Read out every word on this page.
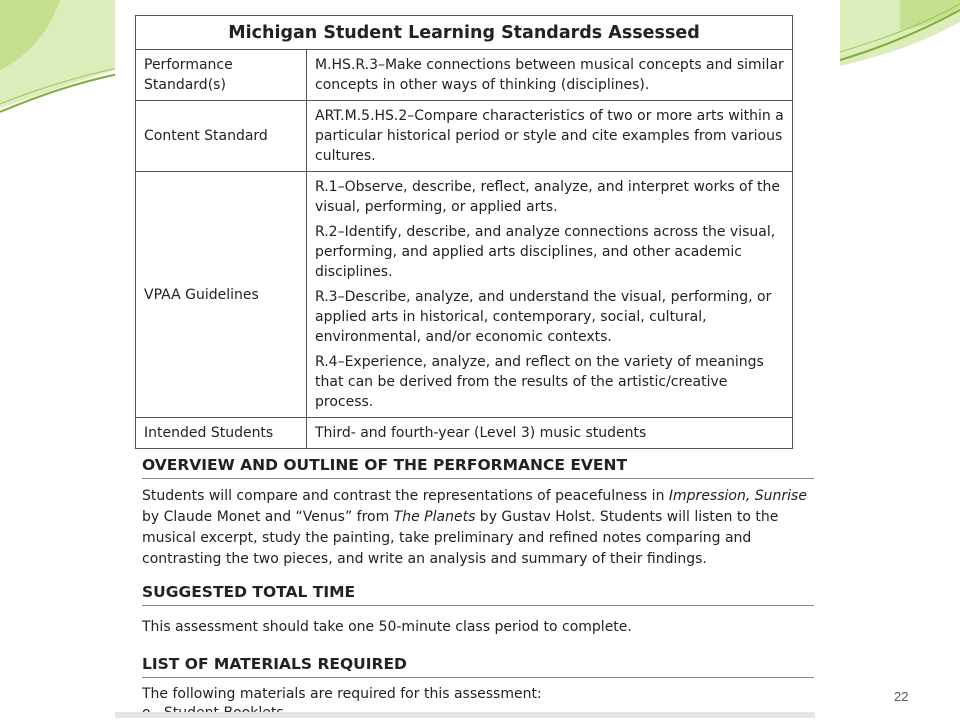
Michigan Student Learning Standards Assessed	
Performance Standard(s)	M.HS.R.3–Make connections between musical concepts and similar concepts in other ways of thinking (disciplines).

Content Standard	ART.M.5.HS.2–Compare characteristics of two or more arts within a particular historical period or style and cite examples from various cultures.

VPAA Guidelines	R.1–Observe, describe, reflect, analyze, and interpret works of the visual, performing, or applied arts.
R.2–Identify, describe, and analyze connections across the visual, performing, and applied arts disciplines, and other academic disciplines.
R.3–Describe, analyze, and understand the visual, performing, or applied arts in historical, contemporary, social, cultural, environmental, and/or economic contexts.
R.4–Experience, analyze, and reflect on the variety of meanings that can be derived from the results of the artistic/creative process.

Intended Students	Third- and fourth-year (Level 3) music students
OVERVIEW AND OUTLINE OF THE PERFORMANCE EVENT
Students will compare and contrast the representations of peacefulness in Impression, Sunrise by Claude Monet and “Venus” from The Planets by Gustav Holst. Students will listen to the musical excerpt, study the painting, take preliminary and refined notes comparing and contrasting the two pieces, and write an analysis and summary of their findings.
SUGGESTED TOTAL TIME
This assessment should take one 50-minute class period to complete.
LIST OF MATERIALS REQUIRED
The following materials are required for this assessment:	22
